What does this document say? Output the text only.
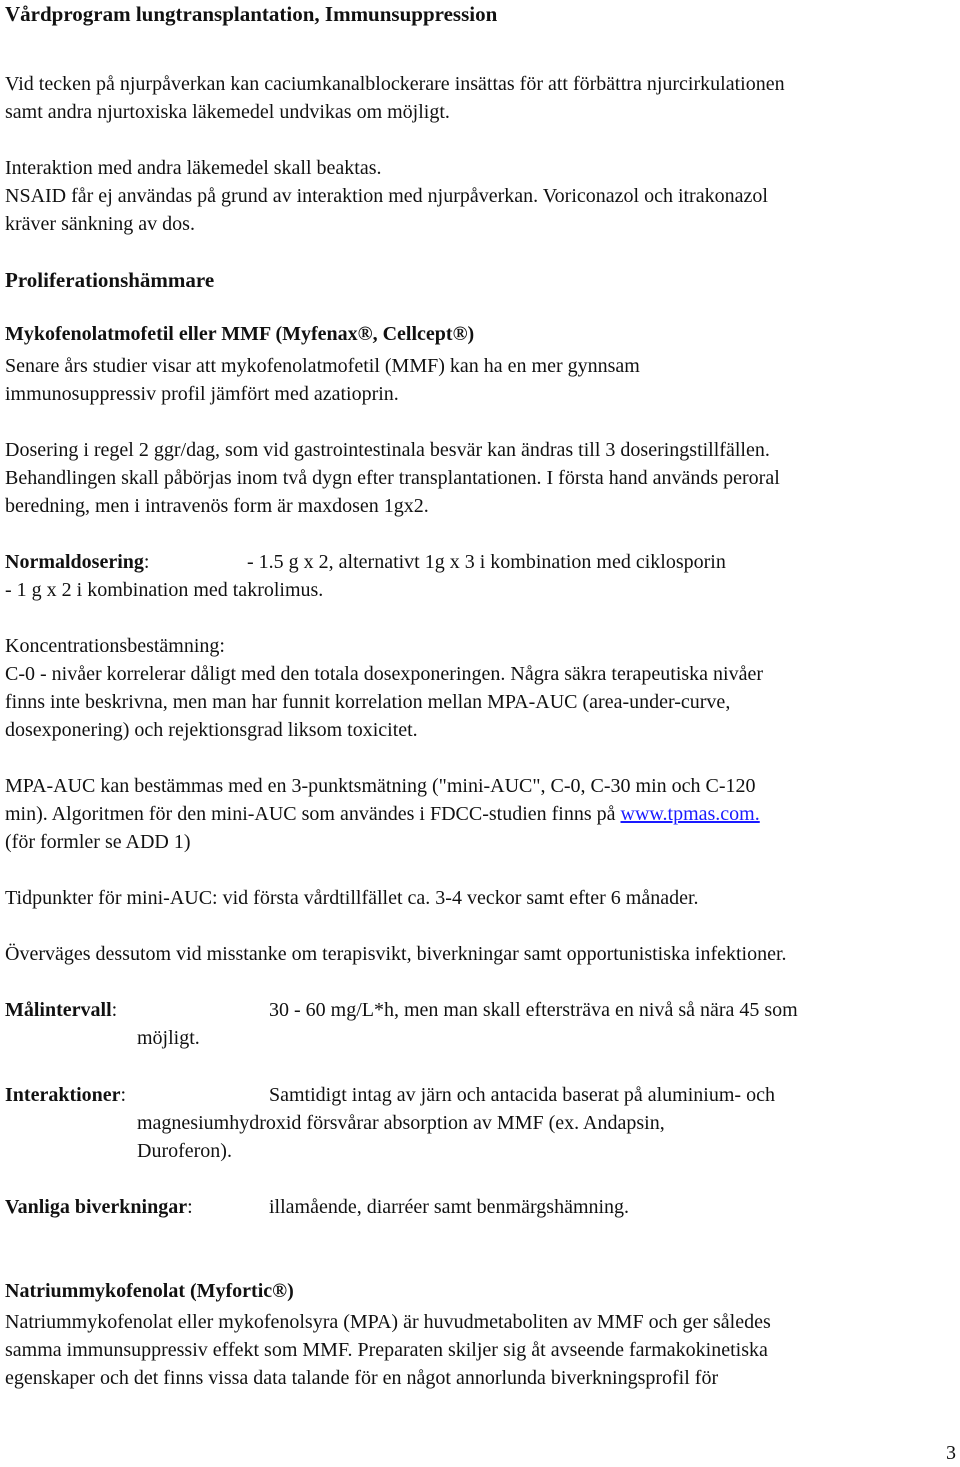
Vårdprogram lungtransplantation, Immunsuppression
Vid tecken på njurpåverkan kan caciumkanalblockerare insättas för att förbättra njurcirkulationen
samt andra njurtoxiska läkemedel undvikas om möjligt.
Interaktion med andra läkemedel skall beaktas.
NSAID får ej användas på grund av interaktion med njurpåverkan. Voriconazol och itrakonazol
kräver sänkning av dos.
Proliferationshämmare
Mykofenolatmofetil eller MMF (Myfenax®, Cellcept®)
Senare års studier visar att mykofenolatmofetil (MMF) kan ha en mer gynnsam
immunosuppressiv profil jämfört med azatioprin.
Dosering i regel 2 ggr/dag, som vid gastrointestinala besvär kan ändras till 3 doseringstillfällen.
Behandlingen skall påbörjas inom två dygn efter transplantationen. I första hand används peroral
beredning, men i intravenös form är maxdosen 1gx2.
Normaldosering:	- 1.5 g x 2, alternativt 1g x 3 i kombination med ciklosporin
- 1 g x 2 i kombination med takrolimus.
Koncentrationsbestämning:
C-0 - nivåer korrelerar dåligt med den totala dosexponeringen. Några säkra terapeutiska nivåer
finns inte beskrivna, men man har funnit korrelation mellan MPA-AUC (area-under-curve,
dosexponering) och rejektionsgrad liksom toxicitet.
MPA-AUC kan bestämmas med en 3-punktsmätning ("mini-AUC", C-0, C-30 min och C-120
min). Algoritmen för den mini-AUC som användes i FDCC-studien finns på www.tpmas.com.
(för formler se ADD 1)
Tidpunkter för mini-AUC: vid första vårdtillfället ca. 3-4 veckor samt efter 6 månader.
Överväges dessutom vid misstanke om terapisvikt, biverkningar samt opportunistiska infektioner.
Målintervall:	30 - 60 mg/L*h, men man skall eftersträva en nivå så nära 45 som
möjligt.
Interaktioner:	Samtidigt intag av järn och antacida baserat på aluminium- och
magnesiumhydroxid försvårar absorption av MMF (ex. Andapsin,
Duroferon).
Vanliga biverkningar:	illamående, diarréer samt benmärgshämning.
Natriummykofenolat (Myfortic®)
Natriummykofenolat eller mykofenolsyra (MPA) är huvudmetaboliten av MMF och ger således
samma immunsuppressiv effekt som MMF. Preparaten skiljer sig åt avseende farmakokinetiska
egenskaper och det finns vissa data talande för en något annorlunda biverkningsprofil för
3
